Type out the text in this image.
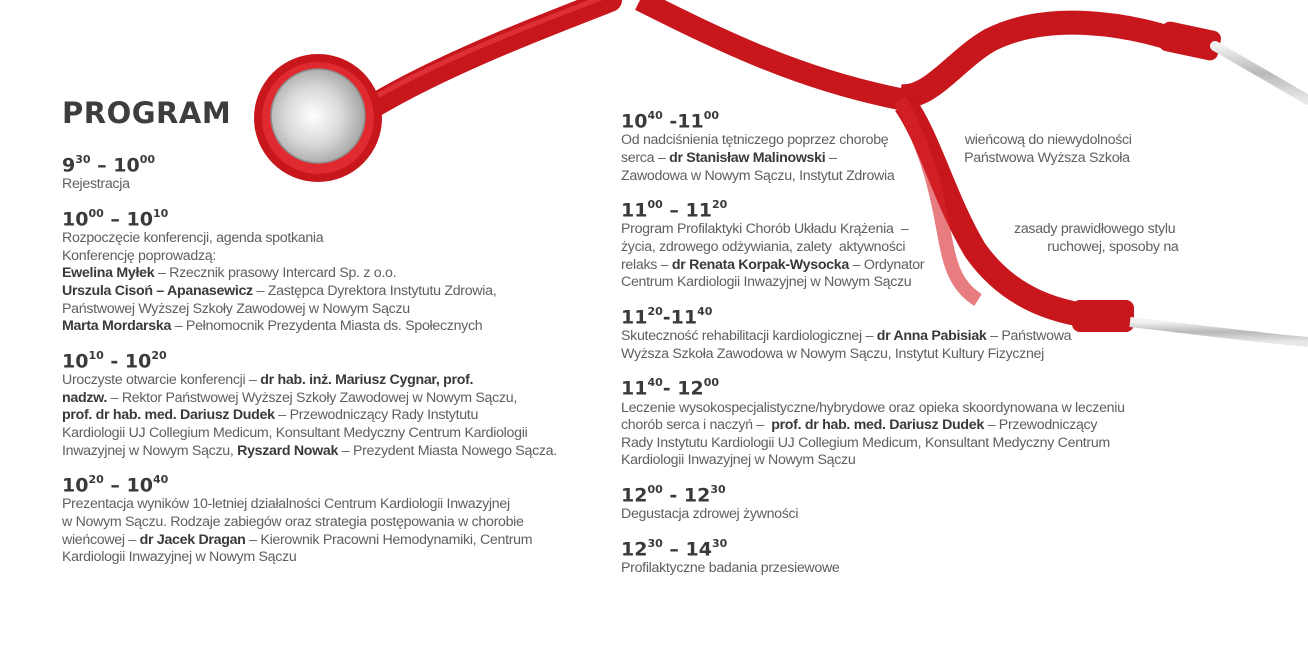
PROGRAM
$9^{30} - 10^{00}$
Rejestracja
$10^{00} - 10^{10}$
Rozpoczęcie konferencji, agenda spotkania
Konferencję poprowadzą:
Ewelina Myłek – Rzecznik prasowy Intercard Sp. z o.o.
Urszula Cisoń – Apanasewicz – Zastępca Dyrektora Instytutu Zdrowia,
Państwowej Wyższej Szkoły Zawodowej w Nowym Sączu
Marta Mordarska – Pełnomocnik Prezydenta Miasta ds. Społecznych
$10^{10} - 10^{20}$
Uroczyste otwarcie konferencji – dr hab. inż. Mariusz Cygnar, prof.
nadzw. – Rektor Państwowej Wyższej Szkoły Zawodowej w Nowym Sączu,
prof. dr hab. med. Dariusz Dudek – Przewodniczący Rady Instytutu
Kardiologii UJ Collegium Medicum, Konsultant Medyczny Centrum Kardiologii
Inwazyjnej w Nowym Sączu, Ryszard Nowak – Prezydent Miasta Nowego Sącza.
$10^{20} - 10^{40}$
Prezentacja wyników 10-letniej działalności Centrum Kardiologii Inwazyjnej
w Nowym Sączu. Rodzaje zabiegów oraz strategia postępowania w chorobie
wieńcowej – dr Jacek Dragan – Kierownik Pracowni Hemodynamiki, Centrum
Kardiologii Inwazyjnej w Nowym Sączu
$10^{40}$ $-11^{00}$
Od nadciśnienia tętniczego poprzez chorobę                     wieńcową do niewydolności
serca – dr Stanisław Malinowski –                                   Państwowa Wyższa Szkoła
Zawodowa w Nowym Sączu, Instytut Zdrowia
$11^{00} - 11^{20}$
Program Profilaktyki Chorób Układu Krążenia  –                             zasady prawidłowego stylu
życia, zdrowego odżywiania, zalety  aktywności                                       ruchowej, sposoby na
relaks – dr Renata Korpak-Wysocka – Ordynator
Centrum Kardiologii Inwazyjnej w Nowym Sączu
$11^{20}-11^{40}$
Skuteczność rehabilitacji kardiologicznej – dr Anna Pabisiak – Państwowa
Wyższa Szkoła Zawodowa w Nowym Sączu, Instytut Kultury Fizycznej
$11^{40}-$ $12^{00}$
Leczenie wysokospecjalistyczne/hybrydowe oraz opieka skoordynowana w leczeniu
chorób serca i naczyń –  prof. dr hab. med. Dariusz Dudek – Przewodniczący
Rady Instytutu Kardiologii UJ Collegium Medicum, Konsultant Medyczny Centrum
Kardiologii Inwazyjnej w Nowym Sączu
$12^{00} - 12^{30}$
Degustacja zdrowej żywności
$12^{30} - 14^{30}$
Profilaktyczne badania przesiewowe
